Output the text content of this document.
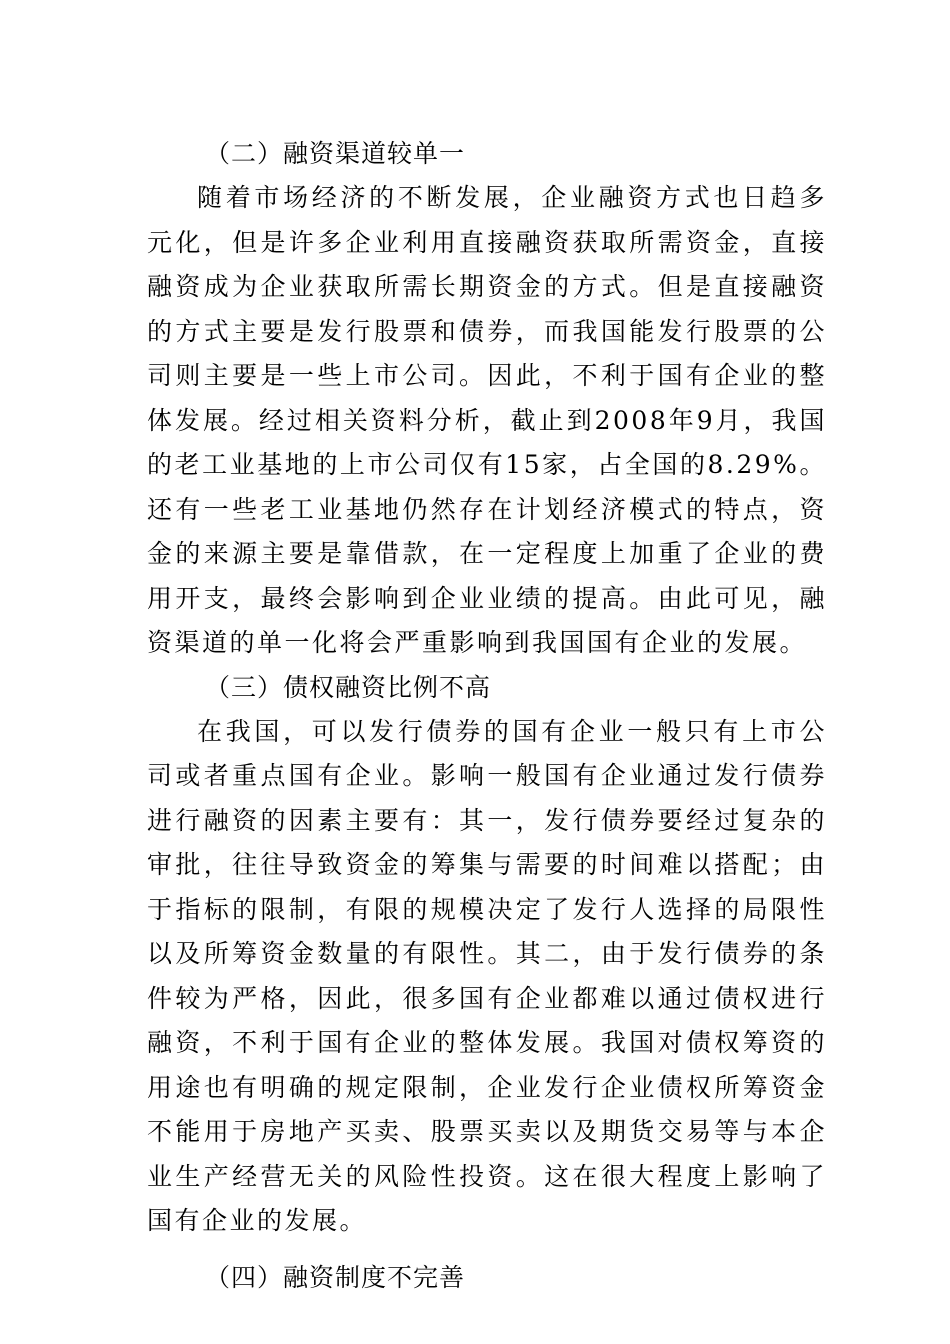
（二）融资渠道较单一

随着市场经济的不断发展，企业融资方式也日趋多元化，但是许多企业利用直接融资获取所需资金，直接融资成为企业获取所需长期资金的方式。但是直接融资的方式主要是发行股票和债券，而我国能发行股票的公司则主要是一些上市公司。因此，不利于国有企业的整体发展。经过相关资料分析，截止到2008年9月，我国的老工业基地的上市公司仅有15家，占全国的8.29%。还有一些老工业基地仍然存在计划经济模式的特点，资金的来源主要是靠借款，在一定程度上加重了企业的费用开支，最终会影响到企业业绩的提高。由此可见，融资渠道的单一化将会严重影响到我国国有企业的发展。

（三）债权融资比例不高

在我国，可以发行债券的国有企业一般只有上市公司或者重点国有企业。影响一般国有企业通过发行债券进行融资的因素主要有：其一，发行债券要经过复杂的审批，往往导致资金的筹集与需要的时间难以搭配；由于指标的限制，有限的规模决定了发行人选择的局限性以及所筹资金数量的有限性。其二，由于发行债券的条件较为严格，因此，很多国有企业都难以通过债权进行融资，不利于国有企业的整体发展。我国对债权筹资的用途也有明确的规定限制，企业发行企业债权所筹资金不能用于房地产买卖、股票买卖以及期货交易等与本企业生产经营无关的风险性投资。这在很大程度上影响了国有企业的发展。

（四）融资制度不完善
